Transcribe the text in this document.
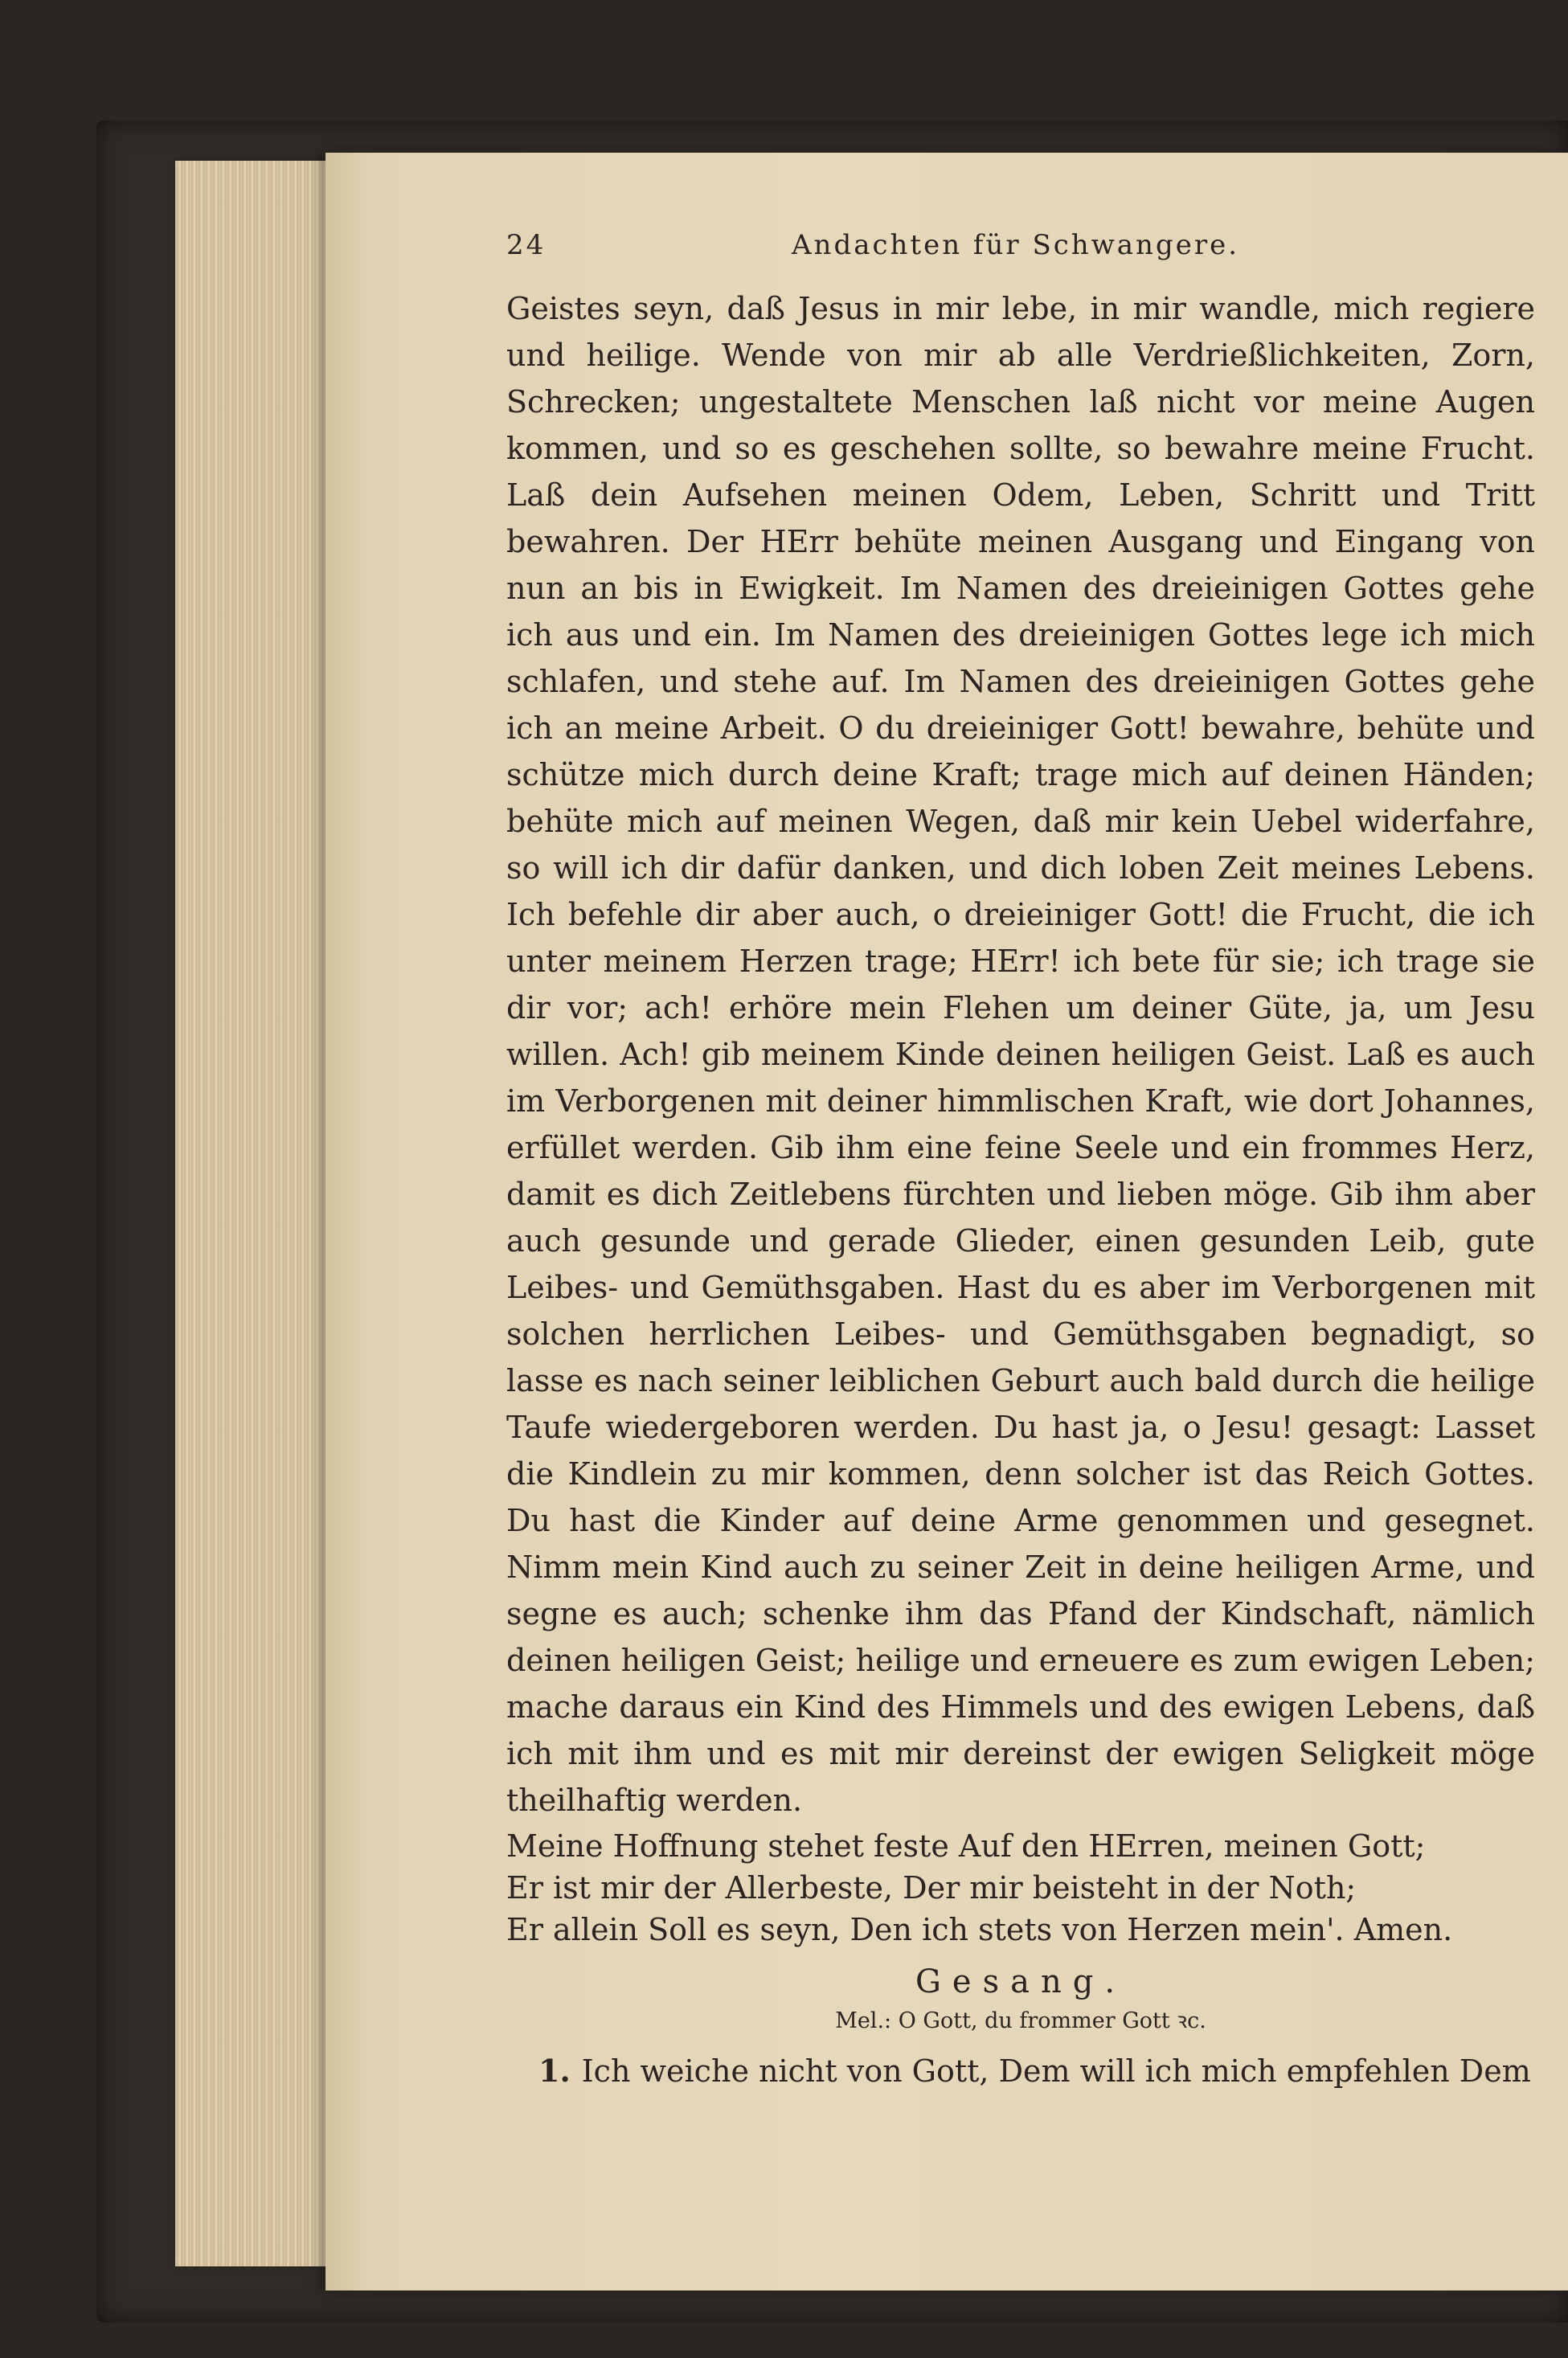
24	Andachten für Schwangere.

Geistes seyn, daß Jesus in mir lebe, in mir wandle, mich regiere und heilige. Wende von mir ab alle Verdrießlichkeiten, Zorn, Schrecken; ungestaltete Menschen laß nicht vor meine Augen kommen, und so es geschehen sollte, so bewahre meine Frucht. Laß dein Aufsehen meinen Odem, Leben, Schritt und Tritt bewahren. Der HErr behüte meinen Ausgang und Eingang von nun an bis in Ewigkeit. Im Namen des dreieinigen Gottes gehe ich aus und ein. Im Namen des dreieinigen Gottes lege ich mich schlafen, und stehe auf. Im Namen des dreieinigen Gottes gehe ich an meine Arbeit. O du dreieiniger Gott! bewahre, behüte und schütze mich durch deine Kraft; trage mich auf deinen Händen; behüte mich auf meinen Wegen, daß mir kein Uebel widerfahre, so will ich dir dafür danken, und dich loben Zeit meines Lebens. Ich befehle dir aber auch, o dreieiniger Gott! die Frucht, die ich unter meinem Herzen trage; HErr! ich bete für sie; ich trage sie dir vor; ach! erhöre mein Flehen um deiner Güte, ja, um Jesu willen. Ach! gib meinem Kinde deinen heiligen Geist. Laß es auch im Verborgenen mit deiner himmlischen Kraft, wie dort Johannes, erfüllet werden. Gib ihm eine feine Seele und ein frommes Herz, damit es dich Zeitlebens fürchten und lieben möge. Gib ihm aber auch gesunde und gerade Glieder, einen gesunden Leib, gute Leibes- und Gemüthsgaben. Hast du es aber im Verborgenen mit solchen herrlichen Leibes- und Gemüthsgaben begnadigt, so lasse es nach seiner leiblichen Geburt auch bald durch die heilige Taufe wiedergeboren werden. Du hast ja, o Jesu! gesagt: Lasset die Kindlein zu mir kommen, denn solcher ist das Reich Gottes. Du hast die Kinder auf deine Arme genommen und gesegnet. Nimm mein Kind auch zu seiner Zeit in deine heiligen Arme, und segne es auch; schenke ihm das Pfand der Kindschaft, nämlich deinen heiligen Geist; heilige und erneuere es zum ewigen Leben; mache daraus ein Kind des Himmels und des ewigen Lebens, daß ich mit ihm und es mit mir dereinst der ewigen Seligkeit möge theilhaftig werden.

Meine Hoffnung stehet feste Auf den HErren, meinen Gott;
Er ist mir der Allerbeste, Der mir beisteht in der Noth;
Er allein Soll es seyn, Den ich stets von Herzen mein'. Amen.
Gesang.
Mel.: O Gott, du frommer Gott ꝛc.
1. Ich weiche nicht von Gott, Dem will ich mich empfehlen Dem
